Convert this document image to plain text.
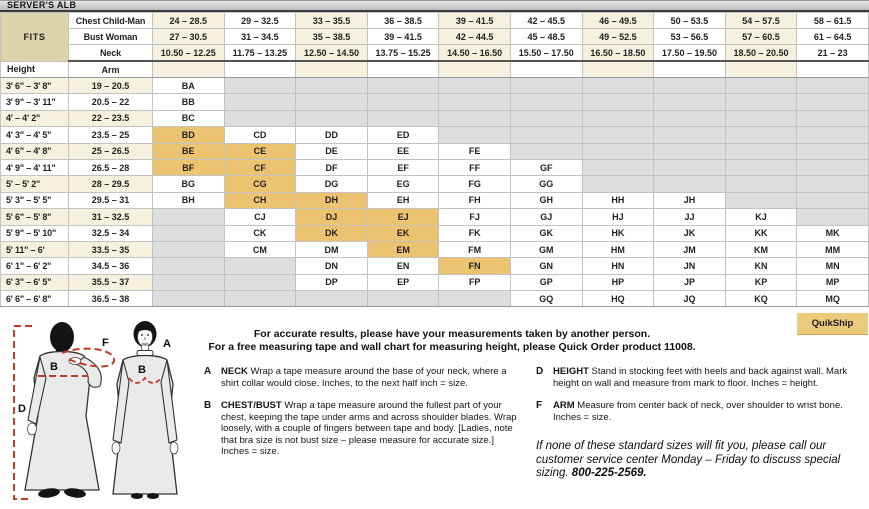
SERVER'S ALB
FITS	Chest Child-Man	24 – 28.5	29 – 32.5	33 – 35.5	36 – 38.5	39 – 41.5	42 – 45.5	46 – 49.5	50 – 53.5	54 – 57.5	58 – 61.5
	Bust Woman	27 – 30.5	31 – 34.5	35 – 38.5	39 – 41.5	42 – 44.5	45 – 48.5	49 – 52.5	53 – 56.5	57 – 60.5	61 – 64.5
	Neck	10.50 – 12.25	11.75 – 13.25	12.50 – 14.50	13.75 – 15.25	14.50 – 16.50	15.50 – 17.50	16.50 – 18.50	17.50 – 19.50	18.50 – 20.50	21 – 23
Height	Arm										
3' 6" – 3' 8"	19 – 20.5	BA									
3' 9" – 3' 11"	20.5 – 22	BB									
4' – 4' 2"	22 – 23.5	BC									
4' 3" – 4' 5"	23.5 – 25	BD	CD	DD	ED						
4' 6" – 4' 8"	25 – 26.5	BE	CE	DE	EE	FE					
4' 9" – 4' 11"	26.5 – 28	BF	CF	DF	EF	FF	GF				
5' – 5' 2"	28 – 29.5	BG	CG	DG	EG	FG	GG				
5' 3" – 5' 5"	29.5 – 31	BH	CH	DH	EH	FH	GH	HH	JH		
5' 6" – 5' 8"	31 – 32.5		CJ	DJ	EJ	FJ	GJ	HJ	JJ	KJ	
5' 9" – 5' 10"	32.5 – 34		CK	DK	EK	FK	GK	HK	JK	KK	MK
5' 11" – 6'	33.5 – 35		CM	DM	EM	FM	GM	HM	JM	KM	MM
6' 1" – 6' 2"	34.5 – 36			DN	EN	FN	GN	HN	JN	KN	MN
6' 3" – 6' 5"	35.5 – 37			DP	EP	FP	GP	HP	JP	KP	MP
6' 6" – 6' 8"	36.5 – 38						GQ	HQ	JQ	KQ	MQ
QuikShip
For accurate results, please have your measurements taken by another person.
For a free measuring tape and wall chart for measuring height, please Quick Order product 11008.
A	NECK Wrap a tape measure around the base of your neck, where a shirt collar would close. Inches, to the next half inch = size.
B	CHEST/BUST Wrap a tape measure around the fullest part of your chest, keeping the tape under arms and across shoulder blades. Wrap loosely, with a couple of fingers between tape and body. [Ladies, note that bra size is not bust size – please measure for accurate size.] Inches = size.
D	HEIGHT Stand in stocking feet with heels and back against wall. Mark height on wall and measure from mark to floor. Inches = height.
F	ARM Measure from center back of neck, over shoulder to wrist bone. Inches = size.
If none of these standard sizes will fit you, please call our customer service center Monday – Friday to discuss special sizing. 800-225-2569.
D
B
F	A
B
